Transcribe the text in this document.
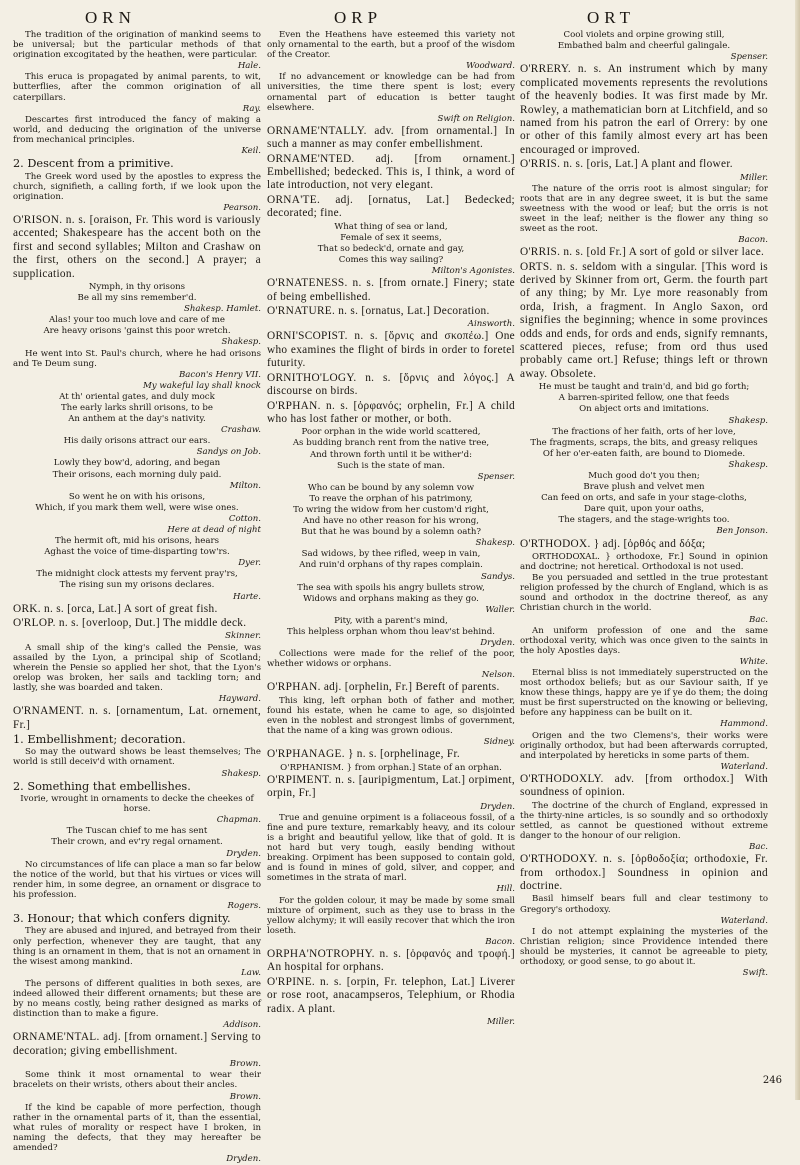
ORN	ORP	ORT

The tradition of the origination of mankind seems to be universal; but the particular methods of that origination excogitated by the heathen, were particular.

Hale.

This eruca is propagated by animal parents, to wit, butterflies, after the common origination of all caterpillars.

Ray.

Descartes first introduced the fancy of making a world, and deducing the origination of the universe from mechanical principles.

Keil.

2. Descent from a primitive.

The Greek word used by the apostles to express the church, signifieth, a calling forth, if we look upon the origination.

Pearson.

O'RISON. n. s. [oraison, Fr. This word is variously accented; Shakespeare has the accent both on the first and second syllables; Milton and Crashaw on the first, others on the second.] A prayer; a supplication.

Nymph, in thy orisons

Be all my sins remember'd.

Shakesp. Hamlet.

Alas! your too much love and care of me

Are heavy orisons 'gainst this poor wretch.

Shakesp.

He went into St. Paul's church, where he had orisons and Te Deum sung.

Bacon's Henry VII.

My wakeful lay shall knock

At th' oriental gates, and duly mock

The early larks shrill orisons, to be

An anthem at the day's nativity.

Crashaw.

His daily orisons attract our ears.

Sandys on Job.

Lowly they bow'd, adoring, and began

Their orisons, each morning duly paid.

Milton.

So went he on with his orisons,

Which, if you mark them well, were wise ones.

Cotton.

Here at dead of night

The hermit oft, mid his orisons, hears

Aghast the voice of time-disparting tow'rs.

Dyer.

The midnight clock attests my fervent pray'rs,

The rising sun my orisons declares.

Harte.

ORK. n. s. [orca, Lat.] A sort of great fish.

O'RLOP. n. s. [overloop, Dut.] The middle deck.

Skinner.

A small ship of the king's called the Pensie, was assailed by the Lyon, a principal ship of Scotland; wherein the Pensie so applied her shot, that the Lyon's orelop was broken, her sails and tackling torn; and lastly, she was boarded and taken.

Hayward.

O'RNAMENT. n. s. [ornamentum, Lat. ornement, Fr.]

1. Embellishment; decoration.

So may the outward shows be least themselves; The world is still deceiv'd with ornament.

Shakesp.

2. Something that embellishes.

Ivorie, wrought in ornaments to decke the cheekes of horse.

Chapman.

The Tuscan chief to me has sent

Their crown, and ev'ry regal ornament.

Dryden.

No circumstances of life can place a man so far below the notice of the world, but that his virtues or vices will render him, in some degree, an ornament or disgrace to his profession.

Rogers.

3. Honour; that which confers dignity.

They are abused and injured, and betrayed from their only perfection, whenever they are taught, that any thing is an ornament in them, that is not an ornament in the wisest among mankind.

Law.

The persons of different qualities in both sexes, are indeed allowed their different ornaments; but these are by no means costly, being rather designed as marks of distinction than to make a figure.

Addison.

ORNAME'NTAL. adj. [from ornament.] Serving to decoration; giving embellishment.

Brown.

Some think it most ornamental to wear their bracelets on their wrists, others about their ancles.

Brown.

If the kind be capable of more perfection, though rather in the ornamental parts of it, than the essential, what rules of morality or respect have I broken, in naming the defects, that they may hereafter be amended?

Dryden.

Even the Heathens have esteemed this variety not only ornamental to the earth, but a proof of the wisdom of the Creator.

Woodward.

If no advancement or knowledge can be had from universities, the time there spent is lost; every ornamental part of education is better taught elsewhere.

Swift on Religion.

ORNAME'NTALLY. adv. [from ornamental.] In such a manner as may confer embellishment.

ORNAME'NTED. adj. [from ornament.] Embellished; bedecked. This is, I think, a word of late introduction, not very elegant.

ORNA'TE. adj. [ornatus, Lat.] Bedecked; decorated; fine.

What thing of sea or land,

Female of sex it seems,

That so bedeck'd, ornate and gay,

Comes this way sailing?

Milton's Agonistes.

O'RNATENESS. n. s. [from ornate.] Finery; state of being embellished.

O'RNATURE. n. s. [ornatus, Lat.] Decoration.

Ainsworth.

ORNI'SCOPIST. n. s. [ὄρνις and σκοπέω.] One who examines the flight of birds in order to foretel futurity.

ORNITHO'LOGY. n. s. [ὄρνις and λόγος.] A discourse on birds.

O'RPHAN. n. s. [ὀρφανός; orphelin, Fr.] A child who has lost father or mother, or both.

Poor orphan in the wide world scattered,

As budding branch rent from the native tree,

And thrown forth until it be wither'd:

Such is the state of man.

Spenser.

Who can be bound by any solemn vow

To reave the orphan of his patrimony,

To wring the widow from her custom'd right,

And have no other reason for his wrong,

But that he was bound by a solemn oath?

Shakesp.

Sad widows, by thee rifled, weep in vain,

And ruin'd orphans of thy rapes complain.

Sandys.

The sea with spoils his angry bullets strow,

Widows and orphans making as they go.

Waller.

Pity, with a parent's mind,

This helpless orphan whom thou leav'st behind.

Dryden.

Collections were made for the relief of the poor, whether widows or orphans.

Nelson.

O'RPHAN. adj. [orphelin, Fr.] Bereft of parents.

This king, left orphan both of father and mother, found his estate, when he came to age, so disjointed even in the noblest and strongest limbs of government, that the name of a king was grown odious.

Sidney.

O'RPHANAGE. } n. s. [orphelinage, Fr.

O'RPHANISM. } from orphan.] State of an orphan.

O'RPIMENT. n. s. [auripigmentum, Lat.] orpiment, orpin, Fr.]

Dryden.

True and genuine orpiment is a foliaceous fossil, of a fine and pure texture, remarkably heavy, and its colour is a bright and beautiful yellow, like that of gold. It is not hard but very tough, easily bending without breaking. Orpiment has been supposed to contain gold, and is found in mines of gold, silver, and copper, and sometimes in the strata of marl.

Hill.

For the golden colour, it may be made by some small mixture of orpiment, such as they use to brass in the yellow alchymy; it will easily recover that which the iron loseth.

Bacon.

ORPHA'NOTROPHY. n. s. [ὀρφανός and τροφή.] An hospital for orphans.

O'RPINE. n. s. [orpin, Fr. telephon, Lat.] Liverer or rose root, anacampseros, Telephium, or Rhodia radix. A plant.

Miller.

Cool violets and orpine growing still,

Embathed balm and cheerful galingale.

Spenser.

O'RRERY. n. s. An instrument which by many complicated movements represents the revolutions of the heavenly bodies. It was first made by Mr. Rowley, a mathematician born at Litchfield, and so named from his patron the earl of Orrery: by one or other of this family almost every art has been encouraged or improved.

O'RRIS. n. s. [oris, Lat.] A plant and flower.

Miller.

The nature of the orris root is almost singular; for roots that are in any degree sweet, it is but the same sweetness with the wood or leaf; but the orris is not sweet in the leaf; neither is the flower any thing so sweet as the root.

Bacon.

O'RRIS. n. s. [old Fr.] A sort of gold or silver lace.

ORTS. n. s. seldom with a singular. [This word is derived by Skinner from ort, Germ. the fourth part of any thing; by Mr. Lye more reasonably from orda, Irish, a fragment. In Anglo Saxon, ord signifies the beginning; whence in some provinces odds and ends, for ords and ends, signify remnants, scattered pieces, refuse; from ord thus used probably came ort.] Refuse; things left or thrown away. Obsolete.

He must be taught and train'd, and bid go forth;

A barren-spirited fellow, one that feeds

On abject orts and imitations.

Shakesp.

The fractions of her faith, orts of her love,

The fragments, scraps, the bits, and greasy reliques

Of her o'er-eaten faith, are bound to Diomede.

Shakesp.

Much good do't you then;

Brave plush and velvet men

Can feed on orts, and safe in your stage-cloths,

Dare quit, upon your oaths,

The stagers, and the stage-wrights too.

Ben Jonson.

O'RTHODOX. } adj. [ὀρθός and δόξα;

ORTHODOXAL. } orthodoxe, Fr.] Sound in opinion and doctrine; not heretical. Orthodoxal is not used.

Be you persuaded and settled in the true protestant religion professed by the church of England, which is as sound and orthodox in the doctrine thereof, as any Christian church in the world.

Bac.

An uniform profession of one and the same orthodoxal verity, which was once given to the saints in the holy Apostles days.

White.

Eternal bliss is not immediately superstructed on the most orthodox beliefs; but as our Saviour saith, If ye know these things, happy are ye if ye do them; the doing must be first superstructed on the knowing or believing, before any happiness can be built on it.

Hammond.

Origen and the two Clemens's, their works were originally orthodox, but had been afterwards corrupted, and interpolated by hereticks in some parts of them.

Waterland.

O'RTHODOXLY. adv. [from orthodox.] With soundness of opinion.

The doctrine of the church of England, expressed in the thirty-nine articles, is so soundly and so orthodoxly settled, as cannot be questioned without extreme danger to the honour of our religion.

Bac.

O'RTHODOXY. n. s. [ὀρθοδοξία; orthodoxie, Fr. from orthodox.] Soundness in opinion and doctrine.

Basil himself bears full and clear testimony to Gregory's orthodoxy.

Waterland.

I do not attempt explaining the mysteries of the Christian religion; since Providence intended there should be mysteries, it cannot be agreeable to piety, orthodoxy, or good sense, to go about it.

Swift.

246
